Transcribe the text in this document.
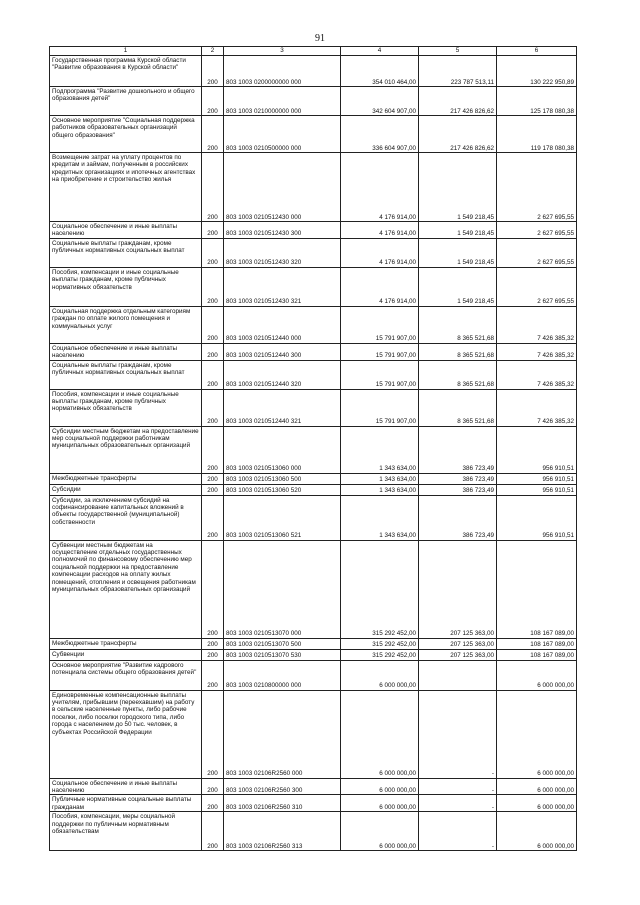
91
1	2	3	4	5	6
Государственная программа Курской области "Развитие образования в Курской области"	200	803 1003 0200000000 000	354 010 464,00	223 787 513,11	130 222 950,89
Подпрограмма "Развитие дошкольного и общего образования детей"	200	803 1003 0210000000 000	342 604 907,00	217 426 826,62	125 178 080,38
Основное мероприятие "Социальная поддержка работников образовательных организаций общего образования"	200	803 1003 0210500000 000	336 604 907,00	217 426 826,62	119 178 080,38
Возмещение затрат на уплату процентов по кредитам и займам, полученным в российских кредитных организациях и ипотечных агентствах на приобретение и строительство жилья	200	803 1003 0210512430 000	4 176 914,00	1 549 218,45	2 627 695,55
Социальное обеспечение и иные выплаты населению	200	803 1003 0210512430 300	4 176 914,00	1 549 218,45	2 627 695,55
Социальные выплаты гражданам, кроме публичных нормативных социальных выплат	200	803 1003 0210512430 320	4 176 914,00	1 549 218,45	2 627 695,55
Пособия, компенсации и иные социальные выплаты гражданам, кроме публичных нормативных обязательств	200	803 1003 0210512430 321	4 176 914,00	1 549 218,45	2 627 695,55
Социальная поддержка отдельным категориям граждан по оплате жилого помещения и коммунальных услуг	200	803 1003 0210512440 000	15 791 907,00	8 365 521,68	7 426 385,32
Социальное обеспечение и иные выплаты населению	200	803 1003 0210512440 300	15 791 907,00	8 365 521,68	7 426 385,32
Социальные выплаты гражданам, кроме публичных нормативных социальных выплат	200	803 1003 0210512440 320	15 791 907,00	8 365 521,68	7 426 385,32
Пособия, компенсации и иные социальные выплаты гражданам, кроме публичных нормативных обязательств	200	803 1003 0210512440 321	15 791 907,00	8 365 521,68	7 426 385,32
Субсидии местным бюджетам на предоставление мер социальной поддержки работникам муниципальных образовательных организаций	200	803 1003 0210513060 000	1 343 634,00	386 723,49	956 910,51
Межбюджетные трансферты	200	803 1003 0210513060 500	1 343 634,00	386 723,49	956 910,51
Субсидии	200	803 1003 0210513060 520	1 343 634,00	386 723,49	956 910,51
Субсидии, за исключением субсидий на софинансирование капитальных вложений в объекты государственной (муниципальной) собственности	200	803 1003 0210513060 521	1 343 634,00	386 723,49	956 910,51
Субвенции местным бюджетам на осуществление отдельных государственных полномочий по финансовому обеспечению мер социальной поддержки на предоставление компенсации расходов на оплату жилых помещений, отопления и освещения работникам муниципальных образовательных организаций	200	803 1003 0210513070 000	315 292 452,00	207 125 363,00	108 167 089,00
Межбюджетные трансферты	200	803 1003 0210513070 500	315 292 452,00	207 125 363,00	108 167 089,00
Субвенции	200	803 1003 0210513070 530	315 292 452,00	207 125 363,00	108 167 089,00
Основное мероприятие "Развитие кадрового потенциала системы общего образования детей"	200	803 1003 0210800000 000	6 000 000,00		6 000 000,00
Единовременные компенсационные выплаты учителям, прибывшим (переехавшим) на работу в сельские населенные пункты, либо рабочие поселки, либо поселки городского типа, либо города с населением до 50 тыс. человек, в субъектах Российской Федерации	200	803 1003 02106R2560 000	6 000 000,00	-	6 000 000,00
Социальное обеспечение и иные выплаты населению	200	803 1003 02106R2560 300	6 000 000,00	-	6 000 000,00
Публичные нормативные социальные выплаты гражданам	200	803 1003 02106R2560 310	6 000 000,00	-	6 000 000,00
Пособия, компенсации, меры социальной поддержки по публичным нормативным обязательствам	200	803 1003 02106R2560 313	6 000 000,00	-	6 000 000,00
